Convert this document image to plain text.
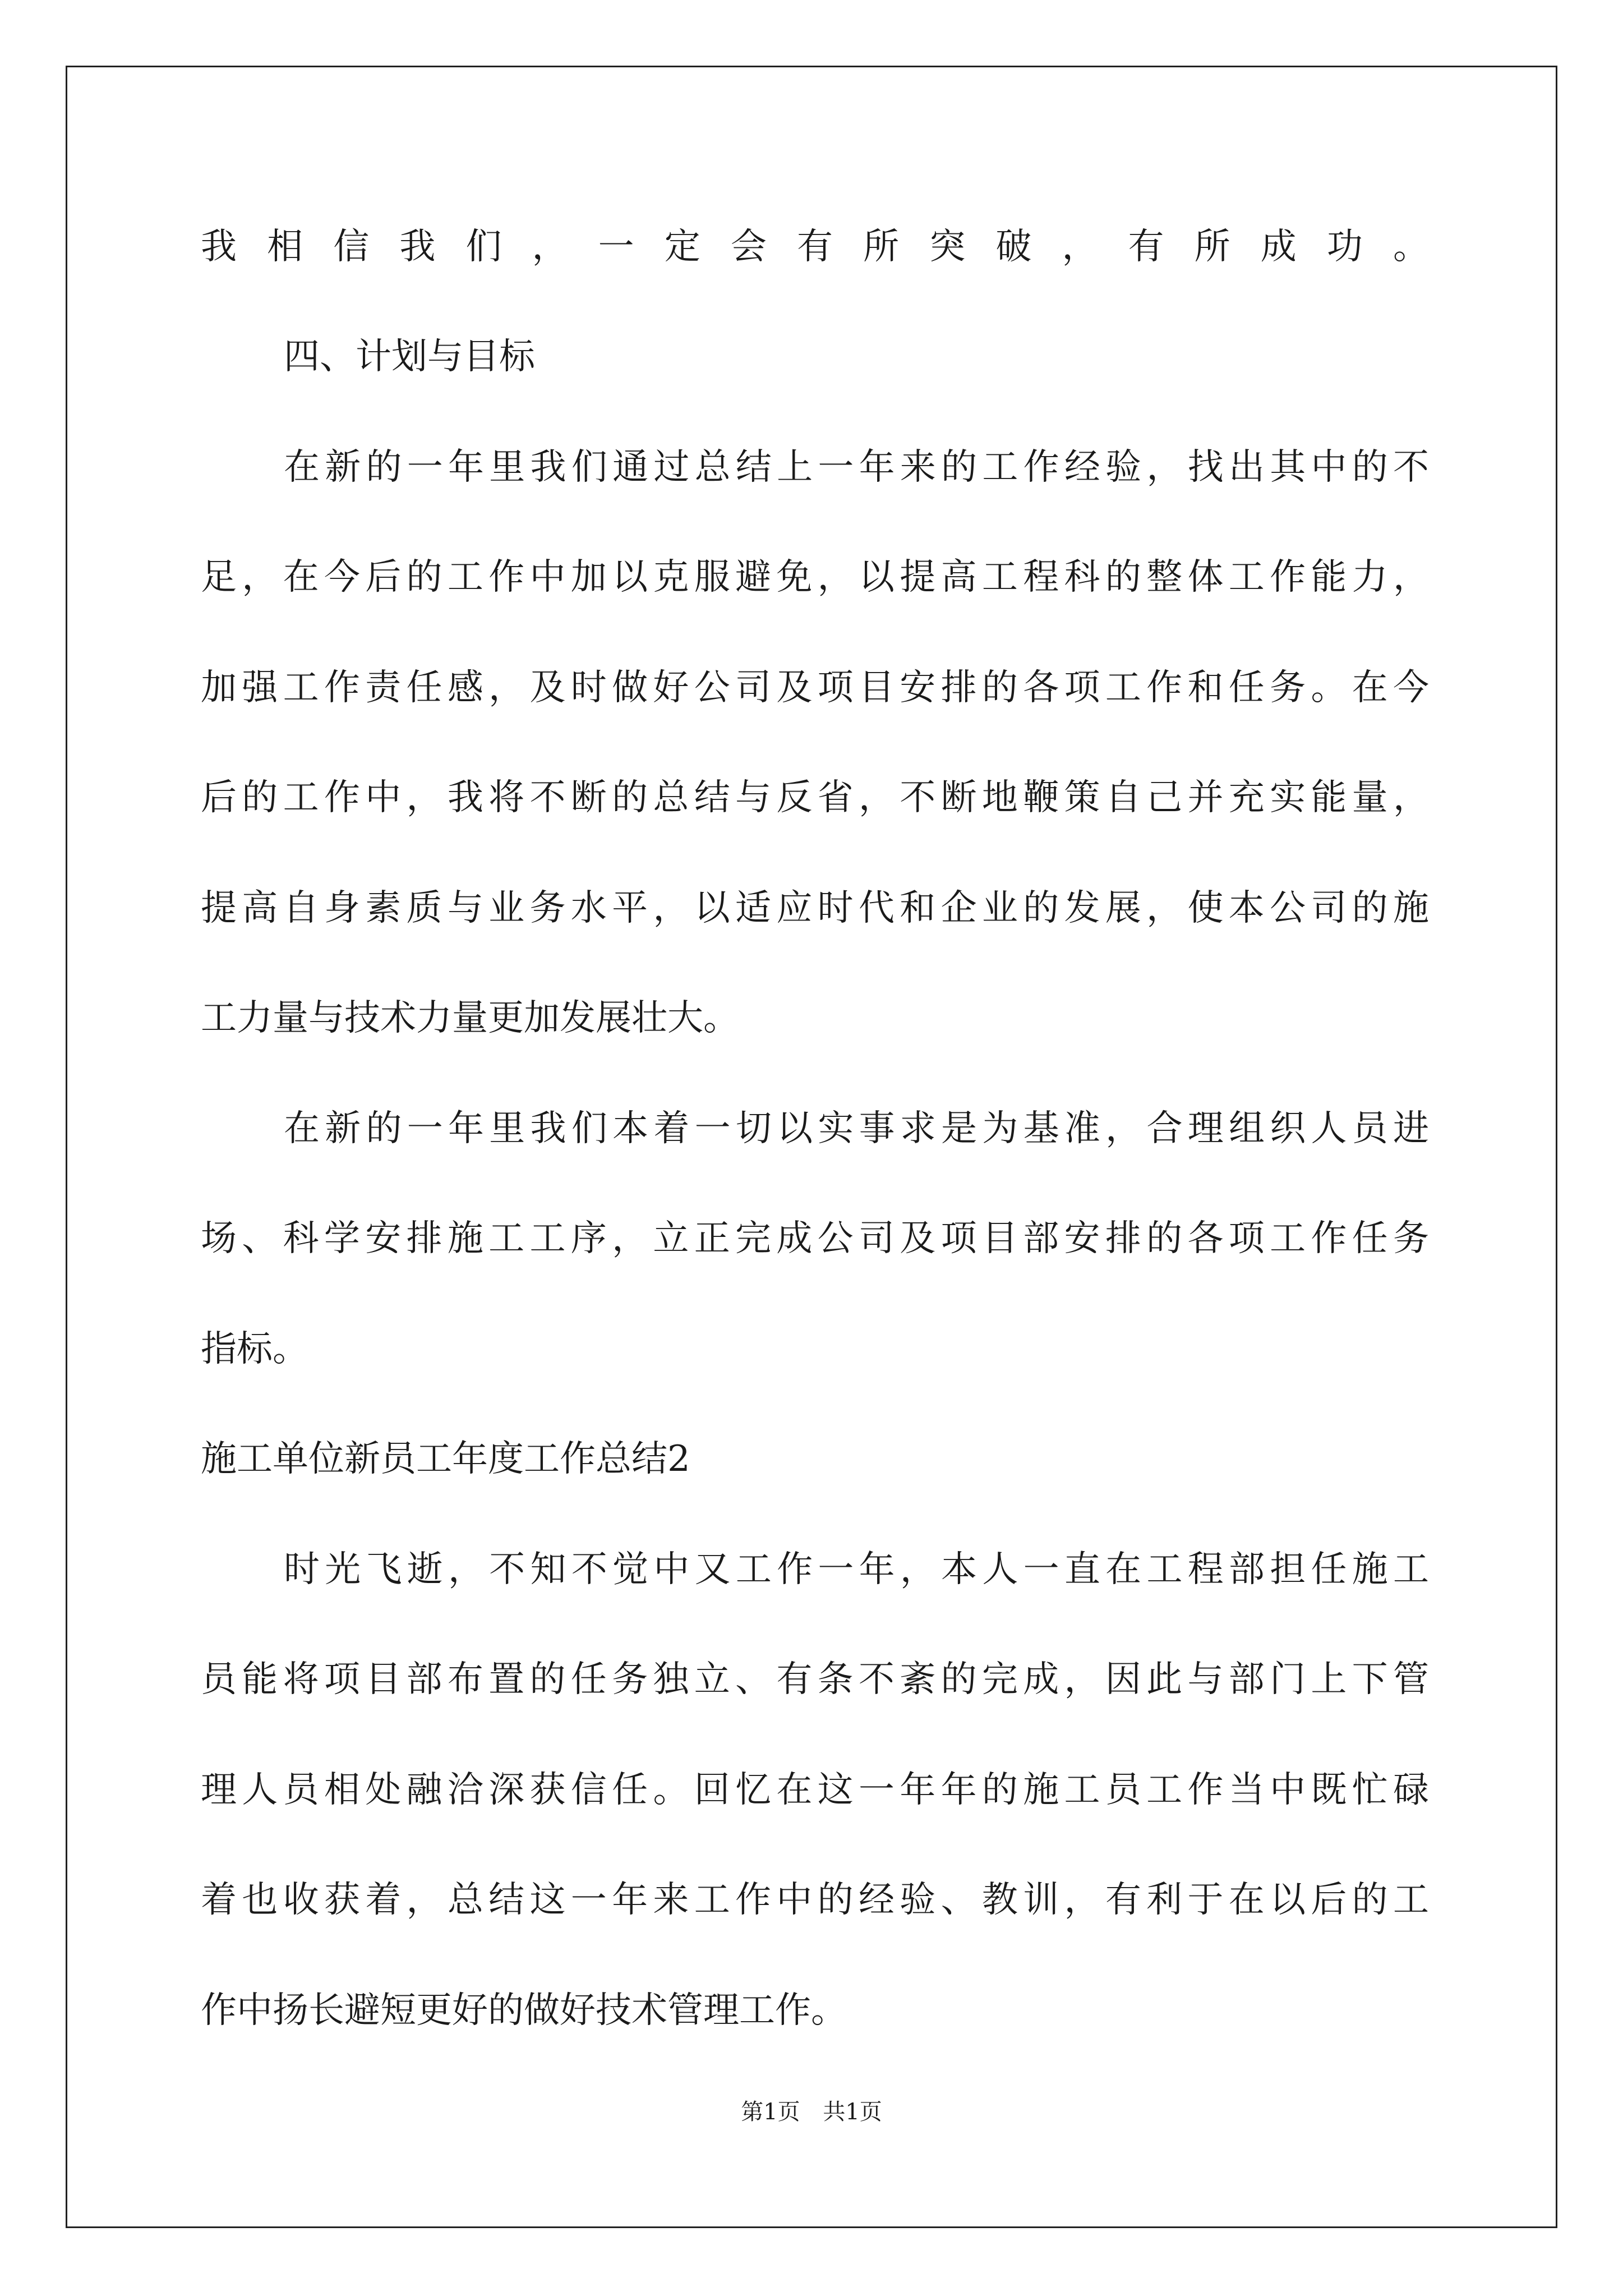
我相信我们，一定会有所突破，有所成功。
四、计划与目标
在新的一年里我们通过总结上一年来的工作经验，找出其中的不
足，在今后的工作中加以克服避免，以提高工程科的整体工作能力，
加强工作责任感，及时做好公司及项目安排的各项工作和任务。在今
后的工作中，我将不断的总结与反省，不断地鞭策自己并充实能量，
提高自身素质与业务水平，以适应时代和企业的发展，使本公司的施
工力量与技术力量更加发展壮大。
在新的一年里我们本着一切以实事求是为基准，合理组织人员进
场、科学安排施工工序，立正完成公司及项目部安排的各项工作任务
指标。
施工单位新员工年度工作总结2
时光飞逝，不知不觉中又工作一年，本人一直在工程部担任施工
员能将项目部布置的任务独立、有条不紊的完成，因此与部门上下管
理人员相处融洽深获信任。回忆在这一年年的施工员工作当中既忙碌
着也收获着，总结这一年来工作中的经验、教训，有利于在以后的工
作中扬长避短更好的做好技术管理工作。
第1页 共1页
